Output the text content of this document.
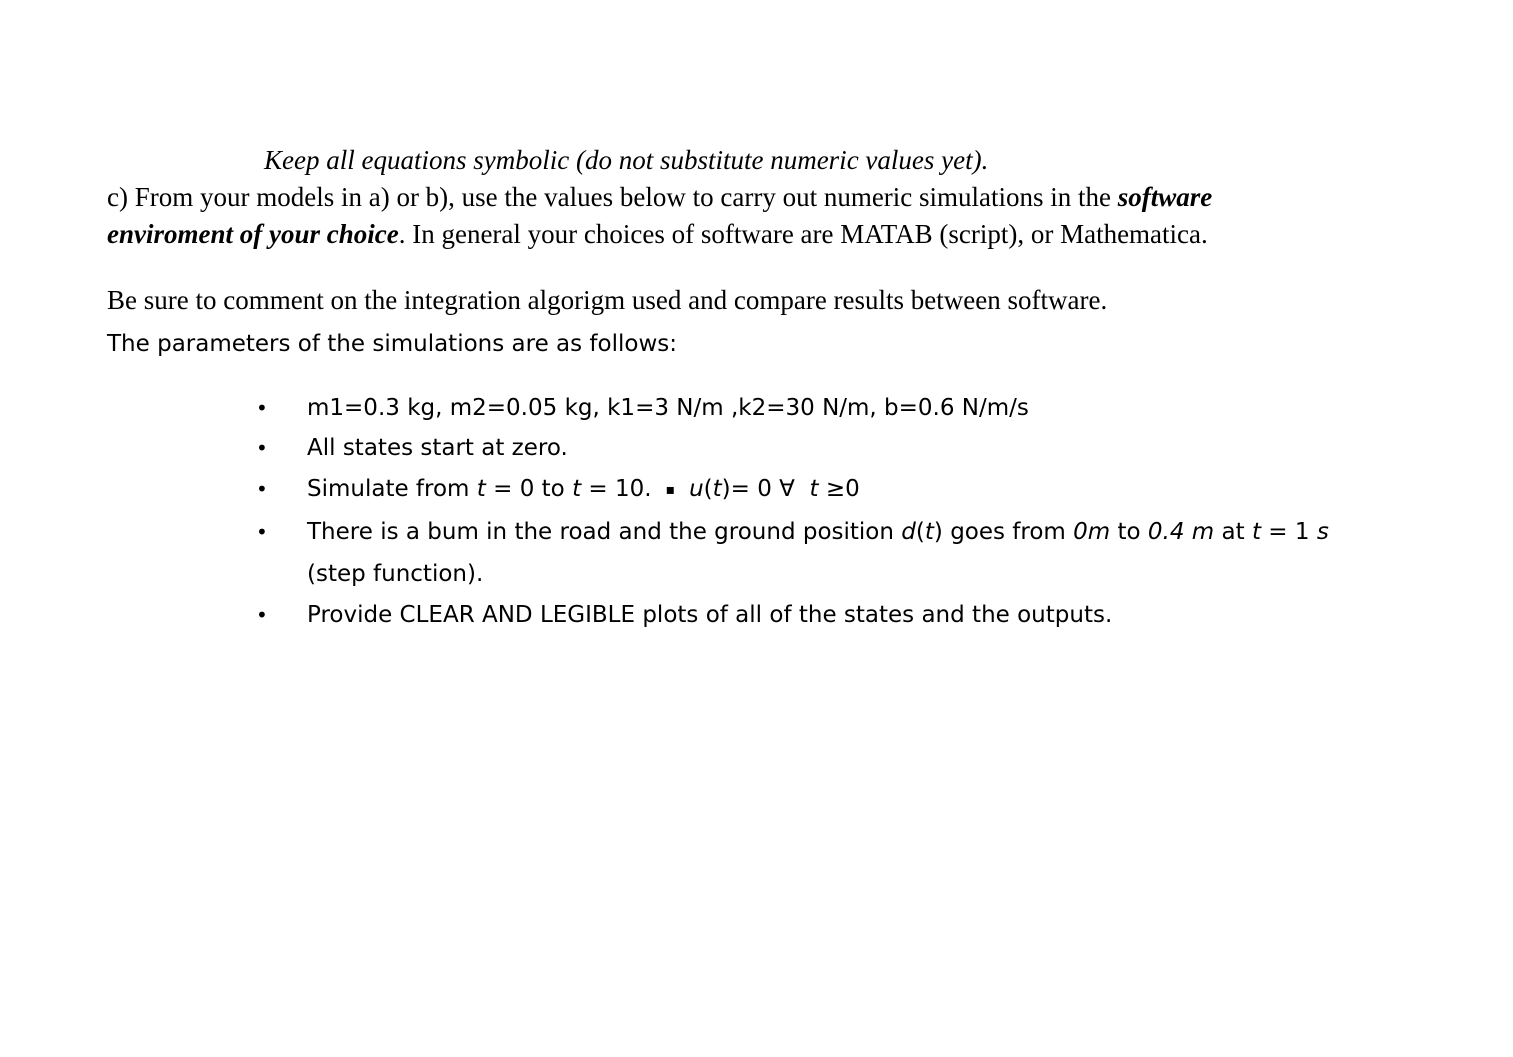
Keep all equations symbolic (do not substitute numeric values yet).
c) From your models in a) or b), use the values below to carry out numeric simulations in the software
enviroment of your choice. In general your choices of software are MATAB (script), or Mathematica.
Be sure to comment on the integration algorigm used and compare results between software.
The parameters of the simulations are as follows:
• m1=0.3 kg, m2=0.05 kg, k1=3 N/m ,k2=30 N/m, b=0.6 N/m/s
• All states start at zero.
• Simulate from t = 0 to t = 10. ▪ u(t)= 0 ∀  t ≥0
• There is a bum in the road and the ground position d(t) goes from 0m to 0.4 m at t = 1 s
(step function).
• Provide CLEAR AND LEGIBLE plots of all of the states and the outputs.
